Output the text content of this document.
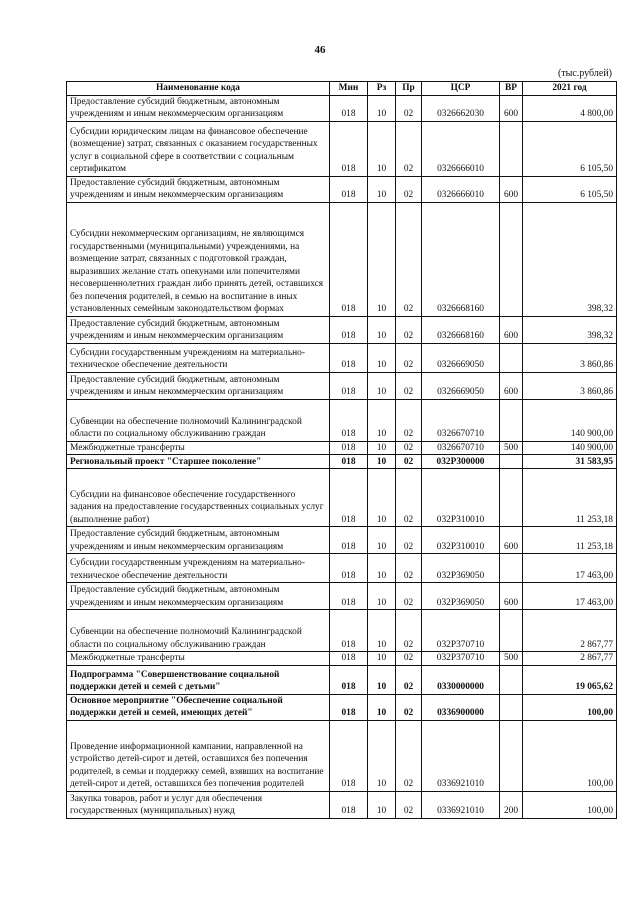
46
(тыс.рублей)
Наименование кода	Мин	Рз	Пр	ЦСР	ВР	2021 год
Предоставление субсидий бюджетным, автономным учреждениям и иным некоммерческим организациям	018	10	02	0326662030	600	4 800,00
Субсидии юридическим лицам на финансовое обеспечение (возмещение) затрат, связанных с оказанием государственных услуг в социальной сфере в соответствии с социальным сертификатом	018	10	02	0326666010		6 105,50
Предоставление субсидий бюджетным, автономным учреждениям и иным некоммерческим организациям	018	10	02	0326666010	600	6 105,50
Субсидии некоммерческим организациям, не являющимся государственными (муниципальными) учреждениями, на возмещение затрат, связанных с подготовкой граждан, выразивших желание стать опекунами или попечителями несовершеннолетних граждан либо принять детей, оставшихся без попечения родителей, в семью на воспитание в иных установленных семейным законодательством формах	018	10	02	0326668160		398,32
Предоставление субсидий бюджетным, автономным учреждениям и иным некоммерческим организациям	018	10	02	0326668160	600	398,32
Субсидии государственным учреждениям на материально-техническое обеспечение деятельности	018	10	02	0326669050		3 860,86
Предоставление субсидий бюджетным, автономным учреждениям и иным некоммерческим организациям	018	10	02	0326669050	600	3 860,86
Субвенции на обеспечение полномочий Калининградской области по социальному обслуживанию граждан	018	10	02	0326670710		140 900,00
Межбюджетные трансферты	018	10	02	0326670710	500	140 900,00
Региональный проект "Старшее поколение"	018	10	02	032P300000		31 583,95
Субсидии на финансовое обеспечение государственного задания на предоставление государственных социальных услуг (выполнение работ)	018	10	02	032P310010		11 253,18
Предоставление субсидий бюджетным, автономным учреждениям и иным некоммерческим организациям	018	10	02	032P310010	600	11 253,18
Субсидии государственным учреждениям на материально-техническое обеспечение деятельности	018	10	02	032P369050		17 463,00
Предоставление субсидий бюджетным, автономным учреждениям и иным некоммерческим организациям	018	10	02	032P369050	600	17 463,00
Субвенции на обеспечение полномочий Калининградской области по социальному обслуживанию граждан	018	10	02	032P370710		2 867,77
Межбюджетные трансферты	018	10	02	032P370710	500	2 867,77
Подпрограмма "Совершенствование социальной поддержки детей и семей с детьми"	018	10	02	0330000000		19 065,62
Основное мероприятие "Обеспечение социальной поддержки детей и семей, имеющих детей"	018	10	02	0336900000		100,00
Проведение информационной кампании, направленной на устройство детей-сирот и детей, оставшихся без попечения родителей, в семьи и поддержку семей, взявших на воспитание детей-сирот и детей, оставшихся без попечения родителей	018	10	02	0336921010		100,00
Закупка товаров, работ и услуг для обеспечения государственных (муниципальных) нужд	018	10	02	0336921010	200	100,00
